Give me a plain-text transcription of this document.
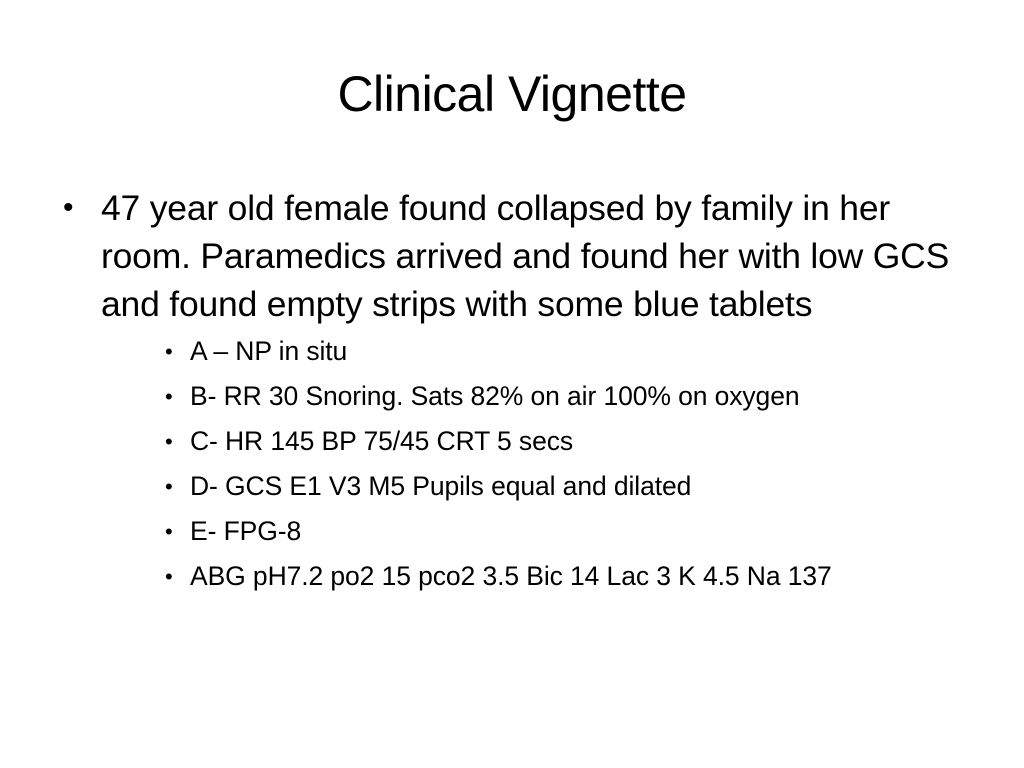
Clinical Vignette
• 47 year old female found collapsed by family in her room. Paramedics arrived and found her with low GCS and found empty strips with some blue tablets
• A – NP in situ
• B- RR 30 Snoring. Sats 82% on air 100% on oxygen
• C- HR 145 BP 75/45 CRT 5 secs
• D- GCS E1 V3 M5 Pupils equal and dilated
• E- FPG-8
• ABG pH7.2 po2 15 pco2 3.5 Bic 14 Lac 3 K 4.5 Na 137
